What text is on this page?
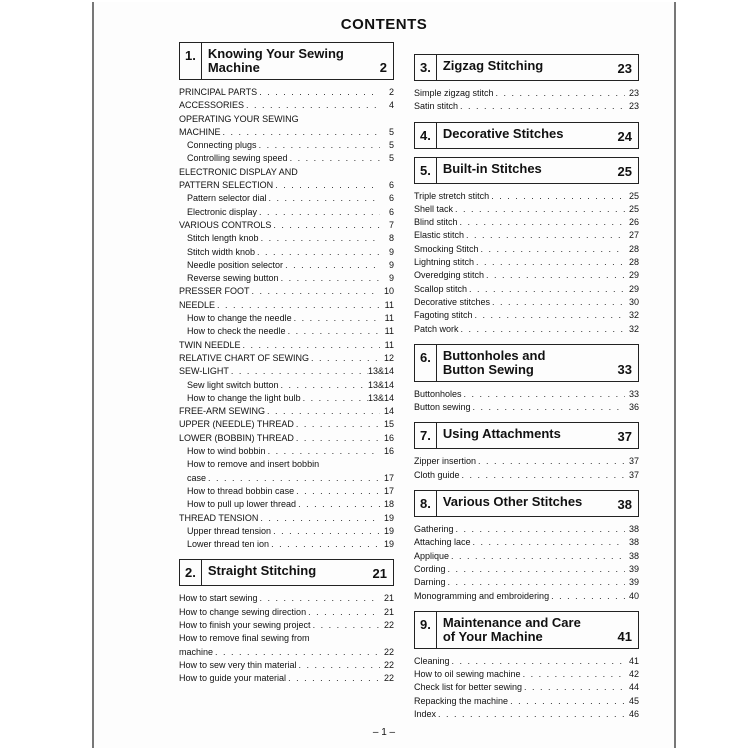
CONTENTS
1. Knowing Your Sewing
Machine	2
PRINCIPAL PARTS . . .	2
ACCESSORIES . . .	4
OPERATING YOUR SEWING
MACHINE . . .	5
Connecting plugs . . .	5
Controlling sewing speed . . .	5
ELECTRONIC DISPLAY AND
PATTERN SELECTION . . .	6
Pattern selector dial . . .	6
Electronic display . . .	6
VARIOUS CONTROLS . . .	7
Stitch length knob . . .	8
Stitch width knob . . .	9
Needle position selector . . .	9
Reverse sewing button . . .	9
PRESSER FOOT . . .	10
NEEDLE . . .	11
How to change the needle . . .	11
How to check the needle . . .	11
TWIN NEEDLE . . .	11
RELATIVE CHART OF SEWING . . .	12
SEW-LIGHT . . .	13&14
Sew light switch button . . .	13&14
How to change the light bulb . . .	13&14
FREE-ARM SEWING . . .	14
UPPER (NEEDLE) THREAD . . .	15
LOWER (BOBBIN) THREAD . . .	16
How to wind bobbin . . .	16
How to remove and insert bobbin
case . . .	17
How to thread bobbin case . . .	17
How to pull up lower thread . . .	18
THREAD TENSION . . .	19
Upper thread tension . . .	19
Lower thread ten ion . . .	19
2. Straight Stitching	21
How to start sewing . . .	21
How to change sewing direction . . .	21
How to finish your sewing project . . .	22
How to remove final sewing from
machine . . .	22
How to sew very thin material . . .	22
How to guide your material . . .	22
3. Zigzag Stitching	23
Simple zigzag stitch . . .	23
Satin stitch . . .	23
4. Decorative Stitches	24
5. Built-in Stitches	25
Triple stretch stitch . . .	25
Shell tack . . .	25
Blind stitch . . .	26
Elastic stitch . . .	27
Smocking Stitch . . .	28
Lightning stitch . . .	28
Overedging stitch . . .	29
Scallop stitch . . .	29
Decorative stitches . . .	30
Fagoting stitch . . .	32
Patch work . . .	32
6. Buttonholes and
Button Sewing	33
Buttonholes . . .	33
Button sewing . . .	36
7. Using Attachments	37
Zipper insertion . . .	37
Cloth guide . . .	37
8. Various Other Stitches	38
Gathering . . .	38
Attaching lace . . .	38
Applique . . .	38
Cording . . .	39
Darning . . .	39
Monogramming and embroidering . . .	40
9. Maintenance and Care
of Your Machine	41
Cleaning . . .	41
How to oil sewing machine . . .	42
Check list for better sewing . . .	44
Repacking the machine . . .	45
Index . . .	46
– 1 –
